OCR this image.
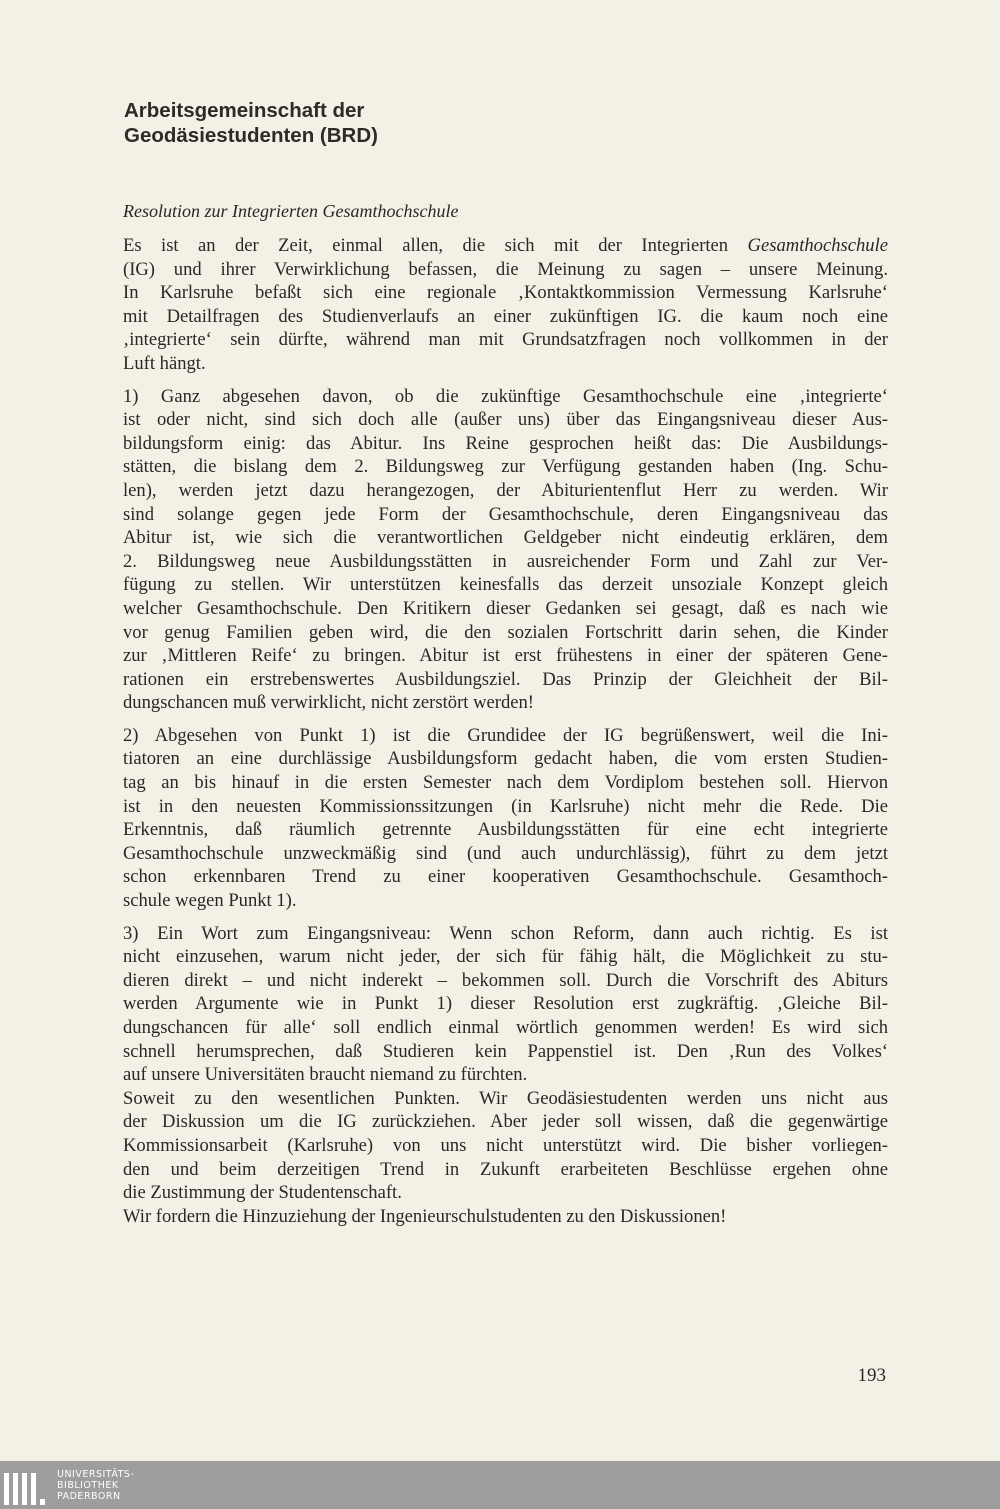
Arbeitsgemeinschaft der
Geodäsiestudenten (BRD)

Resolution zur Integrierten Gesamthochschule

Es ist an der Zeit, einmal allen, die sich mit der Integrierten Gesamthochschule
(IG) und ihrer Verwirklichung befassen, die Meinung zu sagen – unsere Meinung.
In Karlsruhe befaßt sich eine regionale ‚Kontaktkommission Vermessung Karlsruhe‘
mit Detailfragen des Studienverlaufs an einer zukünftigen IG. die kaum noch eine
‚integrierte‘ sein dürfte, während man mit Grundsatzfragen noch vollkommen in der
Luft hängt.

1) Ganz abgesehen davon, ob die zukünftige Gesamthochschule eine ‚integrierte‘
ist oder nicht, sind sich doch alle (außer uns) über das Eingangsniveau dieser Aus-
bildungsform einig: das Abitur. Ins Reine gesprochen heißt das: Die Ausbildungs-
stätten, die bislang dem 2. Bildungsweg zur Verfügung gestanden haben (Ing. Schu-
len), werden jetzt dazu herangezogen, der Abiturientenflut Herr zu werden. Wir
sind solange gegen jede Form der Gesamthochschule, deren Eingangsniveau das
Abitur ist, wie sich die verantwortlichen Geldgeber nicht eindeutig erklären, dem
2. Bildungsweg neue Ausbildungsstätten in ausreichender Form und Zahl zur Ver-
fügung zu stellen. Wir unterstützen keinesfalls das derzeit unsoziale Konzept gleich
welcher Gesamthochschule. Den Kritikern dieser Gedanken sei gesagt, daß es nach wie
vor genug Familien geben wird, die den sozialen Fortschritt darin sehen, die Kinder
zur ‚Mittleren Reife‘ zu bringen. Abitur ist erst frühestens in einer der späteren Gene-
rationen ein erstrebenswertes Ausbildungsziel. Das Prinzip der Gleichheit der Bil-
dungschancen muß verwirklicht, nicht zerstört werden!

2) Abgesehen von Punkt 1) ist die Grundidee der IG begrüßenswert, weil die Ini-
tiatoren an eine durchlässige Ausbildungsform gedacht haben, die vom ersten Studien-
tag an bis hinauf in die ersten Semester nach dem Vordiplom bestehen soll. Hiervon
ist in den neuesten Kommissionssitzungen (in Karlsruhe) nicht mehr die Rede. Die
Erkenntnis, daß räumlich getrennte Ausbildungsstätten für eine echt integrierte
Gesamthochschule unzweckmäßig sind (und auch undurchlässig), führt zu dem jetzt
schon erkennbaren Trend zu einer kooperativen Gesamthochschule. Gesamthoch-
schule wegen Punkt 1).

3) Ein Wort zum Eingangsniveau: Wenn schon Reform, dann auch richtig. Es ist
nicht einzusehen, warum nicht jeder, der sich für fähig hält, die Möglichkeit zu stu-
dieren direkt – und nicht inderekt – bekommen soll. Durch die Vorschrift des Abiturs
werden Argumente wie in Punkt 1) dieser Resolution erst zugkräftig. ‚Gleiche Bil-
dungschancen für alle‘ soll endlich einmal wörtlich genommen werden! Es wird sich
schnell herumsprechen, daß Studieren kein Pappenstiel ist. Den ‚Run des Volkes‘
auf unsere Universitäten braucht niemand zu fürchten.

Soweit zu den wesentlichen Punkten. Wir Geodäsiestudenten werden uns nicht aus
der Diskussion um die IG zurückziehen. Aber jeder soll wissen, daß die gegenwärtige
Kommissionsarbeit (Karlsruhe) von uns nicht unterstützt wird. Die bisher vorliegen-
den und beim derzeitigen Trend in Zukunft erarbeiteten Beschlüsse ergehen ohne
die Zustimmung der Studentenschaft.

Wir fordern die Hinzuziehung der Ingenieurschulstudenten zu den Diskussionen!

193
UNIVERSITÄTS-
BIBLIOTHEK
PADERBORN
